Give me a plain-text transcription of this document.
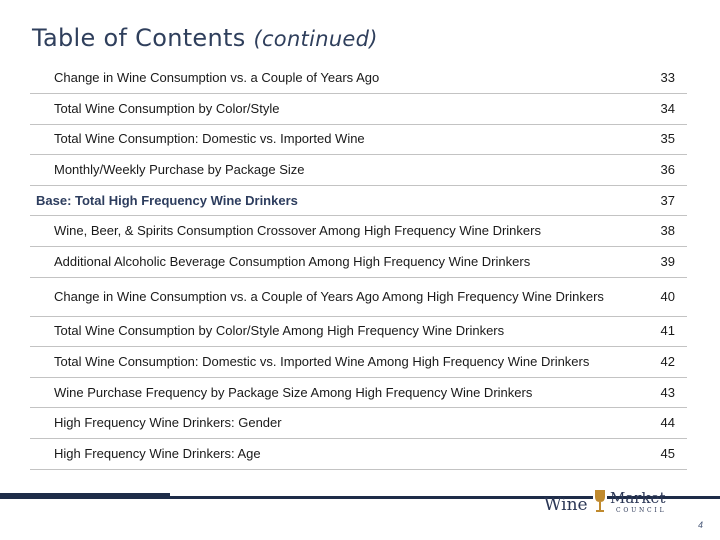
Table of Contents (continued)
Change in Wine Consumption vs. a Couple of Years Ago	33
Total Wine Consumption by Color/Style	34
Total Wine Consumption: Domestic vs. Imported Wine	35
Monthly/Weekly Purchase by Package Size	36
Base: Total High Frequency Wine Drinkers	37
Wine, Beer, & Spirits Consumption Crossover Among High Frequency Wine Drinkers	38
Additional Alcoholic Beverage Consumption Among High Frequency Wine Drinkers	39
Change in Wine Consumption vs. a Couple of Years Ago Among High Frequency Wine Drinkers	40
Total Wine Consumption by Color/Style Among High Frequency Wine Drinkers	41
Total Wine Consumption: Domestic vs. Imported Wine Among High Frequency Wine Drinkers	42
Wine Purchase Frequency by Package Size Among High Frequency Wine Drinkers	43
High Frequency Wine Drinkers: Gender	44
High Frequency Wine Drinkers: Age	45
Wine Market
COUNCIL
4
